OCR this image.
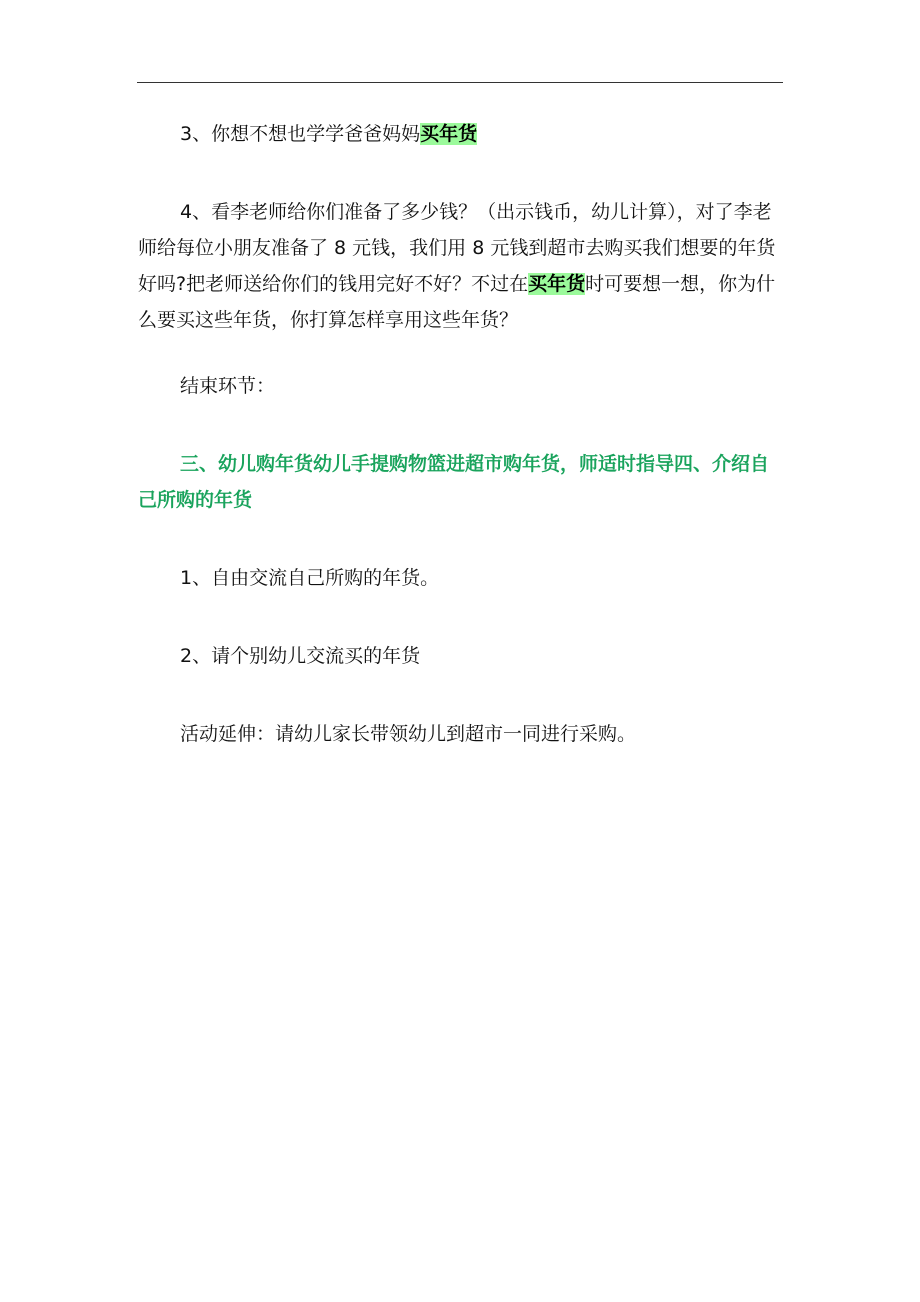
3、你想不想也学学爸爸妈妈买年货

4、看李老师给你们准备了多少钱？（出示钱币，幼儿计算），对了李老师给每位小朋友准备了 8 元钱，我们用 8 元钱到超市去购买我们想要的年货好吗?把老师送给你们的钱用完好不好？不过在买年货时可要想一想，你为什么要买这些年货，你打算怎样享用这些年货？

结束环节：

三、幼儿购年货幼儿手提购物篮进超市购年货，师适时指导四、介绍自己所购的年货

1、自由交流自己所购的年货。

2、请个别幼儿交流买的年货

活动延伸：请幼儿家长带领幼儿到超市一同进行采购。
